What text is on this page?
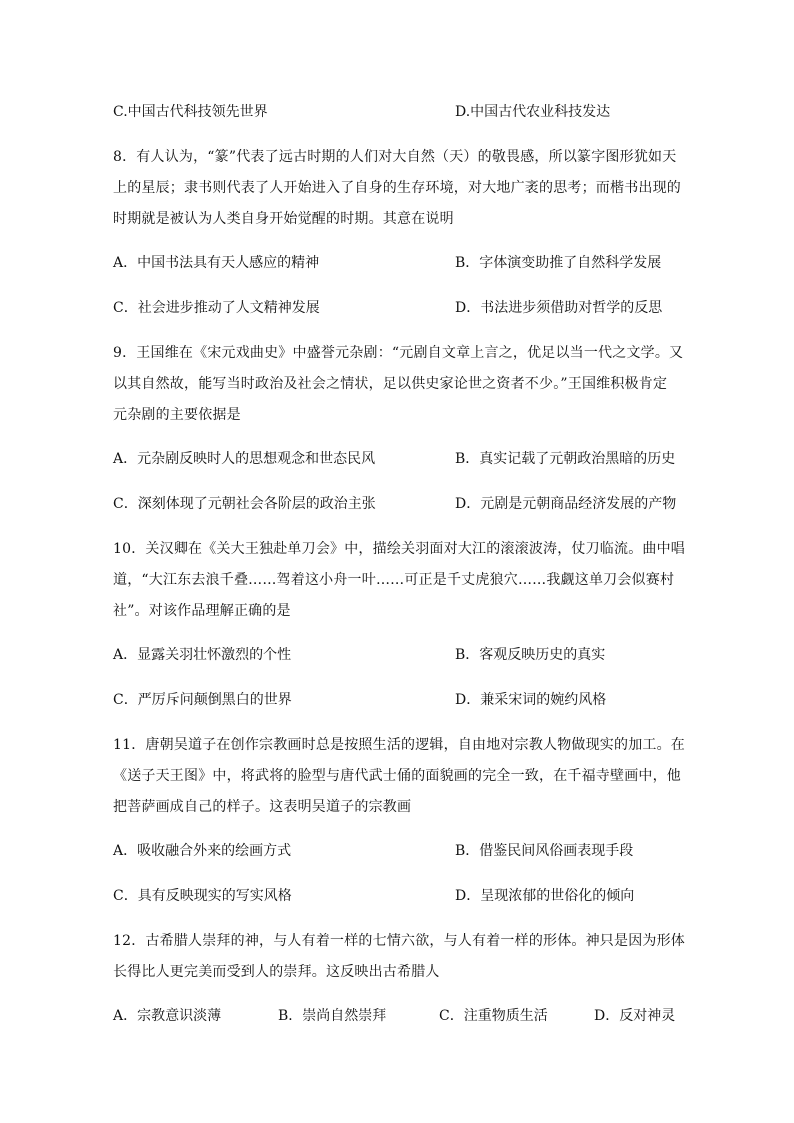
C.中国古代科技领先世界	D.中国古代农业科技发达
8．有人认为，“篆”代表了远古时期的人们对大自然（天）的敬畏感，所以篆字图形犹如天
上的星辰；隶书则代表了人开始进入了自身的生存环境，对大地广袤的思考；而楷书出现的
时期就是被认为人类自身开始觉醒的时期。其意在说明
A．中国书法具有天人感应的精神	B．字体演变助推了自然科学发展
C．社会进步推动了人文精神发展	D．书法进步须借助对哲学的反思
9．王国维在《宋元戏曲史》中盛誉元杂剧：“元剧自文章上言之，优足以当一代之文学。又
以其自然故，能写当时政治及社会之情状，足以供史家论世之资者不少。”王国维积极肯定
元杂剧的主要依据是
A．元杂剧反映时人的思想观念和世态民风	B．真实记载了元朝政治黑暗的历史
C．深刻体现了元朝社会各阶层的政治主张	D．元剧是元朝商品经济发展的产物
10．关汉卿在《关大王独赴单刀会》中，描绘关羽面对大江的滚滚波涛，仗刀临流。曲中唱
道，“大江东去浪千叠……驾着这小舟一叶……可正是千丈虎狼穴……我觑这单刀会似赛村
社”。对该作品理解正确的是
A．显露关羽壮怀激烈的个性	B．客观反映历史的真实
C．严厉斥问颠倒黑白的世界	D．兼采宋词的婉约风格
11．唐朝吴道子在创作宗教画时总是按照生活的逻辑，自由地对宗教人物做现实的加工。在
《送子天王图》中，将武将的脸型与唐代武士俑的面貌画的完全一致，在千福寺壁画中，他
把菩萨画成自己的样子。这表明吴道子的宗教画
A．吸收融合外来的绘画方式	B．借鉴民间风俗画表现手段
C．具有反映现实的写实风格	D．呈现浓郁的世俗化的倾向
12．古希腊人崇拜的神，与人有着一样的七情六欲，与人有着一样的形体。神只是因为形体
长得比人更完美而受到人的崇拜。这反映出古希腊人
A．宗教意识淡薄	B．崇尚自然崇拜	C．注重物质生活	D．反对神灵
